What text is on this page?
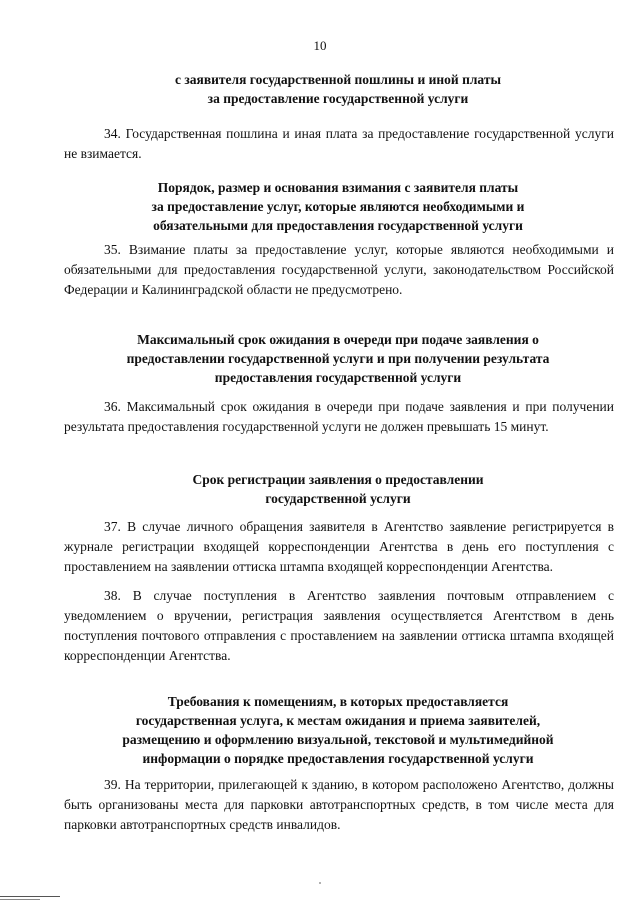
10
с заявителя государственной пошлины и иной платы
за предоставление государственной услуги
34. Государственная пошлина и иная плата за предоставление государственной услуги не взимается.
Порядок, размер и основания взимания с заявителя платы
за предоставление услуг, которые являются необходимыми и
обязательными для предоставления государственной услуги
35. Взимание платы за предоставление услуг, которые являются необходимыми и обязательными для предоставления государственной услуги, законодательством Российской Федерации и Калининградской области не предусмотрено.
Максимальный срок ожидания в очереди при подаче заявления о
предоставлении государственной услуги и при получении результата
предоставления государственной услуги
36. Максимальный срок ожидания в очереди при подаче заявления и при получении результата предоставления государственной услуги не должен превышать 15 минут.
Срок регистрации заявления о предоставлении
государственной услуги
37. В случае личного обращения заявителя в Агентство заявление регистрируется в журнале регистрации входящей корреспонденции Агентства в день его поступления с проставлением на заявлении оттиска штампа входящей корреспонденции Агентства.
38. В случае поступления в Агентство заявления почтовым отправлением с уведомлением о вручении, регистрация заявления осуществляется Агентством в день поступления почтового отправления с проставлением на заявлении оттиска штампа входящей корреспонденции Агентства.
Требования к помещениям, в которых предоставляется
государственная услуга, к местам ожидания и приема заявителей,
размещению и оформлению визуальной, текстовой и мультимедийной
информации о порядке предоставления государственной услуги
39. На территории, прилегающей к зданию, в котором расположено Агентство, должны быть организованы места для парковки автотранспортных средств, в том числе места для парковки автотранспортных средств инвалидов.
